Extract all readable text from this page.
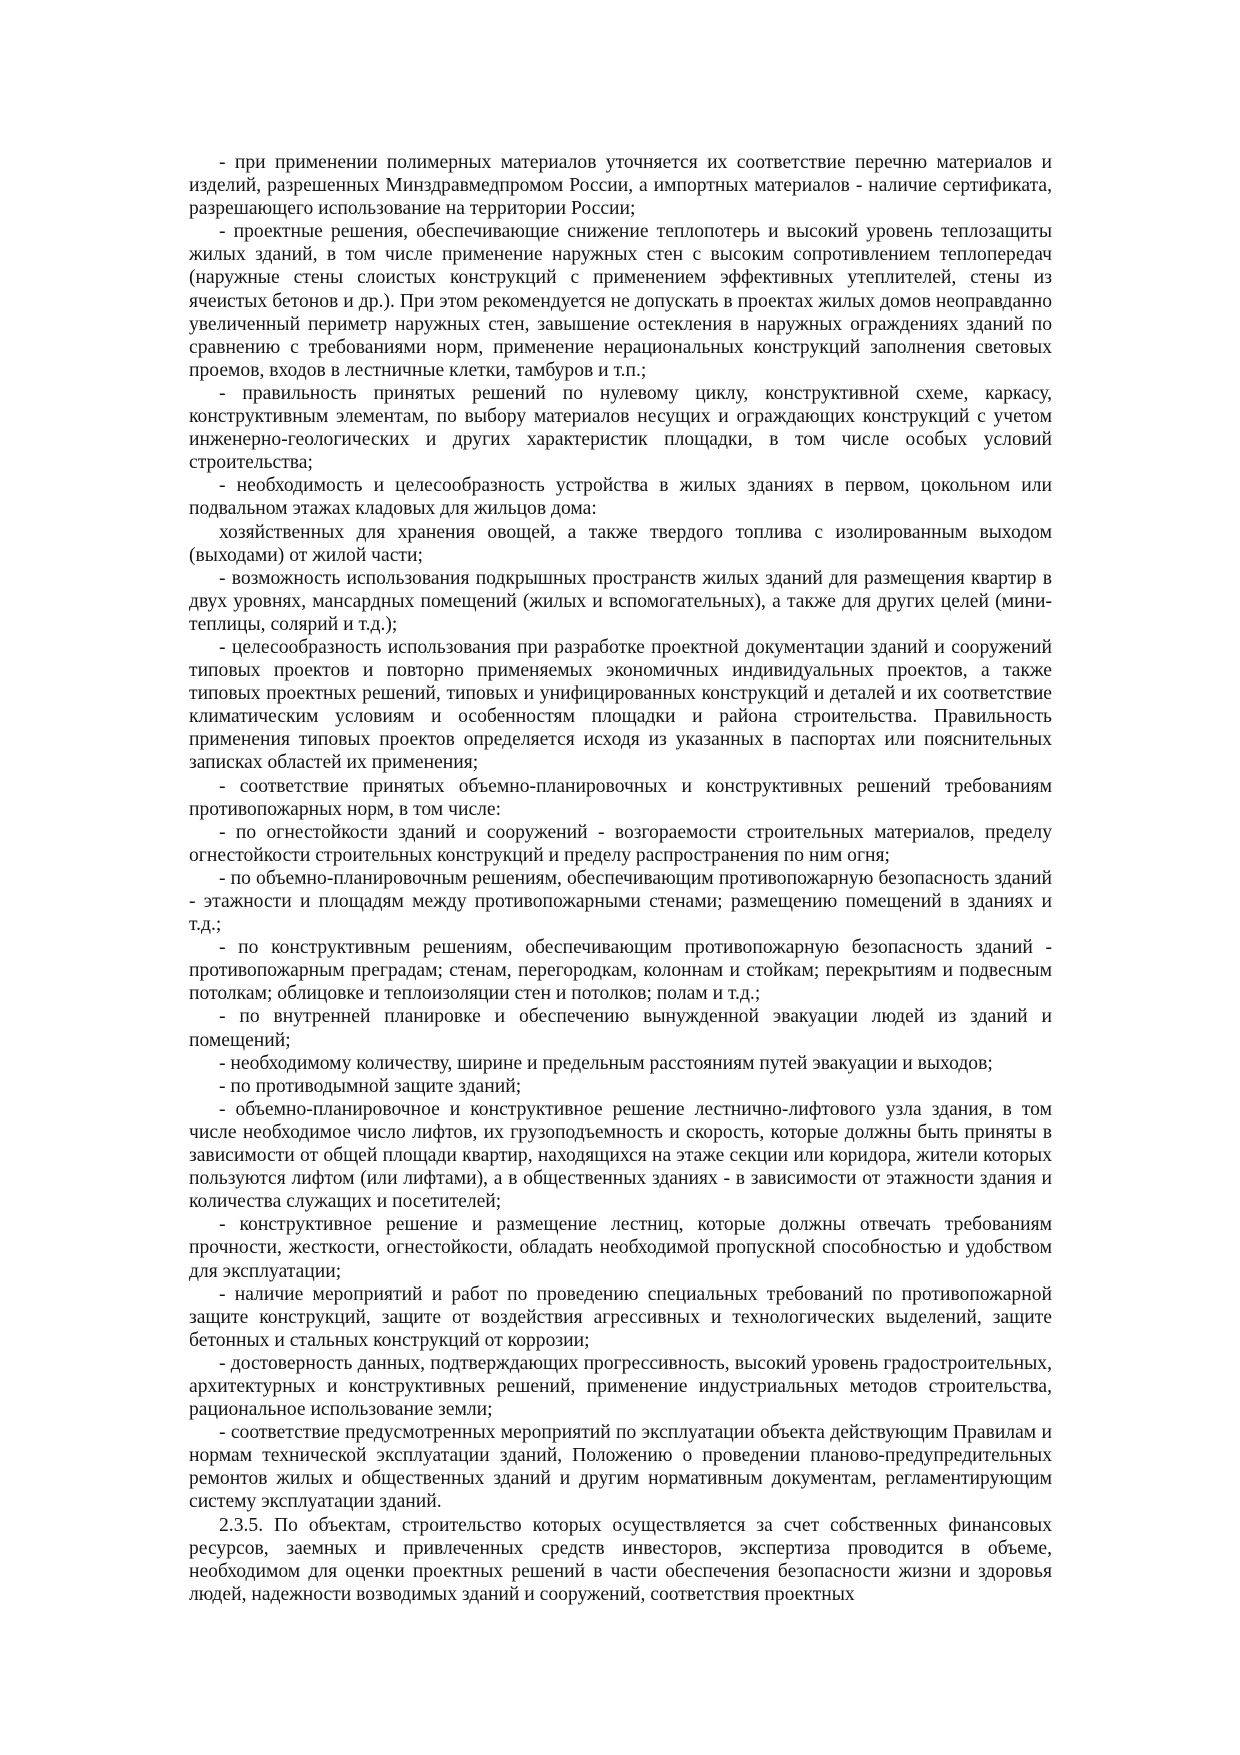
- при применении полимерных материалов уточняется их соответствие перечню материалов и изделий, разрешенных Минздравмедпромом России, а импортных материалов - наличие сертификата, разрешающего использование на территории России;

- проектные решения, обеспечивающие снижение теплопотерь и высокий уровень теплозащиты жилых зданий, в том числе применение наружных стен с высоким сопротивлением теплопередач (наружные стены слоистых конструкций с применением эффективных утеплителей, стены из ячеистых бетонов и др.). При этом рекомендуется не допускать в проектах жилых домов неоправданно увеличенный периметр наружных стен, завышение остекления в наружных ограждениях зданий по сравнению с требованиями норм, применение нерациональных конструкций заполнения световых проемов, входов в лестничные клетки, тамбуров и т.п.;

- правильность принятых решений по нулевому циклу, конструктивной схеме, каркасу, конструктивным элементам, по выбору материалов несущих и ограждающих конструкций с учетом инженерно-геологических и других характеристик площадки, в том числе особых условий строительства;

- необходимость и целесообразность устройства в жилых зданиях в первом, цокольном или подвальном этажах кладовых для жильцов дома:

хозяйственных для хранения овощей, а также твердого топлива с изолированным выходом (выходами) от жилой части;

- возможность использования подкрышных пространств жилых зданий для размещения квартир в двух уровнях, мансардных помещений (жилых и вспомогательных), а также для других целей (мини-теплицы, солярий и т.д.);

- целесообразность использования при разработке проектной документации зданий и сооружений типовых проектов и повторно применяемых экономичных индивидуальных проектов, а также типовых проектных решений, типовых и унифицированных конструкций и деталей и их соответствие климатическим условиям и особенностям площадки и района строительства. Правильность применения типовых проектов определяется исходя из указанных в паспортах или пояснительных записках областей их применения;

- соответствие принятых объемно-планировочных и конструктивных решений требованиям противопожарных норм, в том числе:

- по огнестойкости зданий и сооружений - возгораемости строительных материалов, пределу огнестойкости строительных конструкций и пределу распространения по ним огня;

- по объемно-планировочным решениям, обеспечивающим противопожарную безопасность зданий - этажности и площадям между противопожарными стенами; размещению помещений в зданиях и т.д.;

- по конструктивным решениям, обеспечивающим противопожарную безопасность зданий - противопожарным преградам; стенам, перегородкам, колоннам и стойкам; перекрытиям и подвесным потолкам; облицовке и теплоизоляции стен и потолков; полам и т.д.;

- по внутренней планировке и обеспечению вынужденной эвакуации людей из зданий и помещений;

- необходимому количеству, ширине и предельным расстояниям путей эвакуации и выходов;

- по противодымной защите зданий;

- объемно-планировочное и конструктивное решение лестнично-лифтового узла здания, в том числе необходимое число лифтов, их грузоподъемность и скорость, которые должны быть приняты в зависимости от общей площади квартир, находящихся на этаже секции или коридора, жители которых пользуются лифтом (или лифтами), а в общественных зданиях - в зависимости от этажности здания и количества служащих и посетителей;

- конструктивное решение и размещение лестниц, которые должны отвечать требованиям прочности, жесткости, огнестойкости, обладать необходимой пропускной способностью и удобством для эксплуатации;

- наличие мероприятий и работ по проведению специальных требований по противопожарной защите конструкций, защите от воздействия агрессивных и технологических выделений, защите бетонных и стальных конструкций от коррозии;

- достоверность данных, подтверждающих прогрессивность, высокий уровень градостроительных, архитектурных и конструктивных решений, применение индустриальных методов строительства, рациональное использование земли;

- соответствие предусмотренных мероприятий по эксплуатации объекта действующим Правилам и нормам технической эксплуатации зданий, Положению о проведении планово-предупредительных ремонтов жилых и общественных зданий и другим нормативным документам, регламентирующим систему эксплуатации зданий.

2.3.5. По объектам, строительство которых осуществляется за счет собственных финансовых ресурсов, заемных и привлеченных средств инвесторов, экспертиза проводится в объеме, необходимом для оценки проектных решений в части обеспечения безопасности жизни и здоровья людей, надежности возводимых зданий и сооружений, соответствия проектных
